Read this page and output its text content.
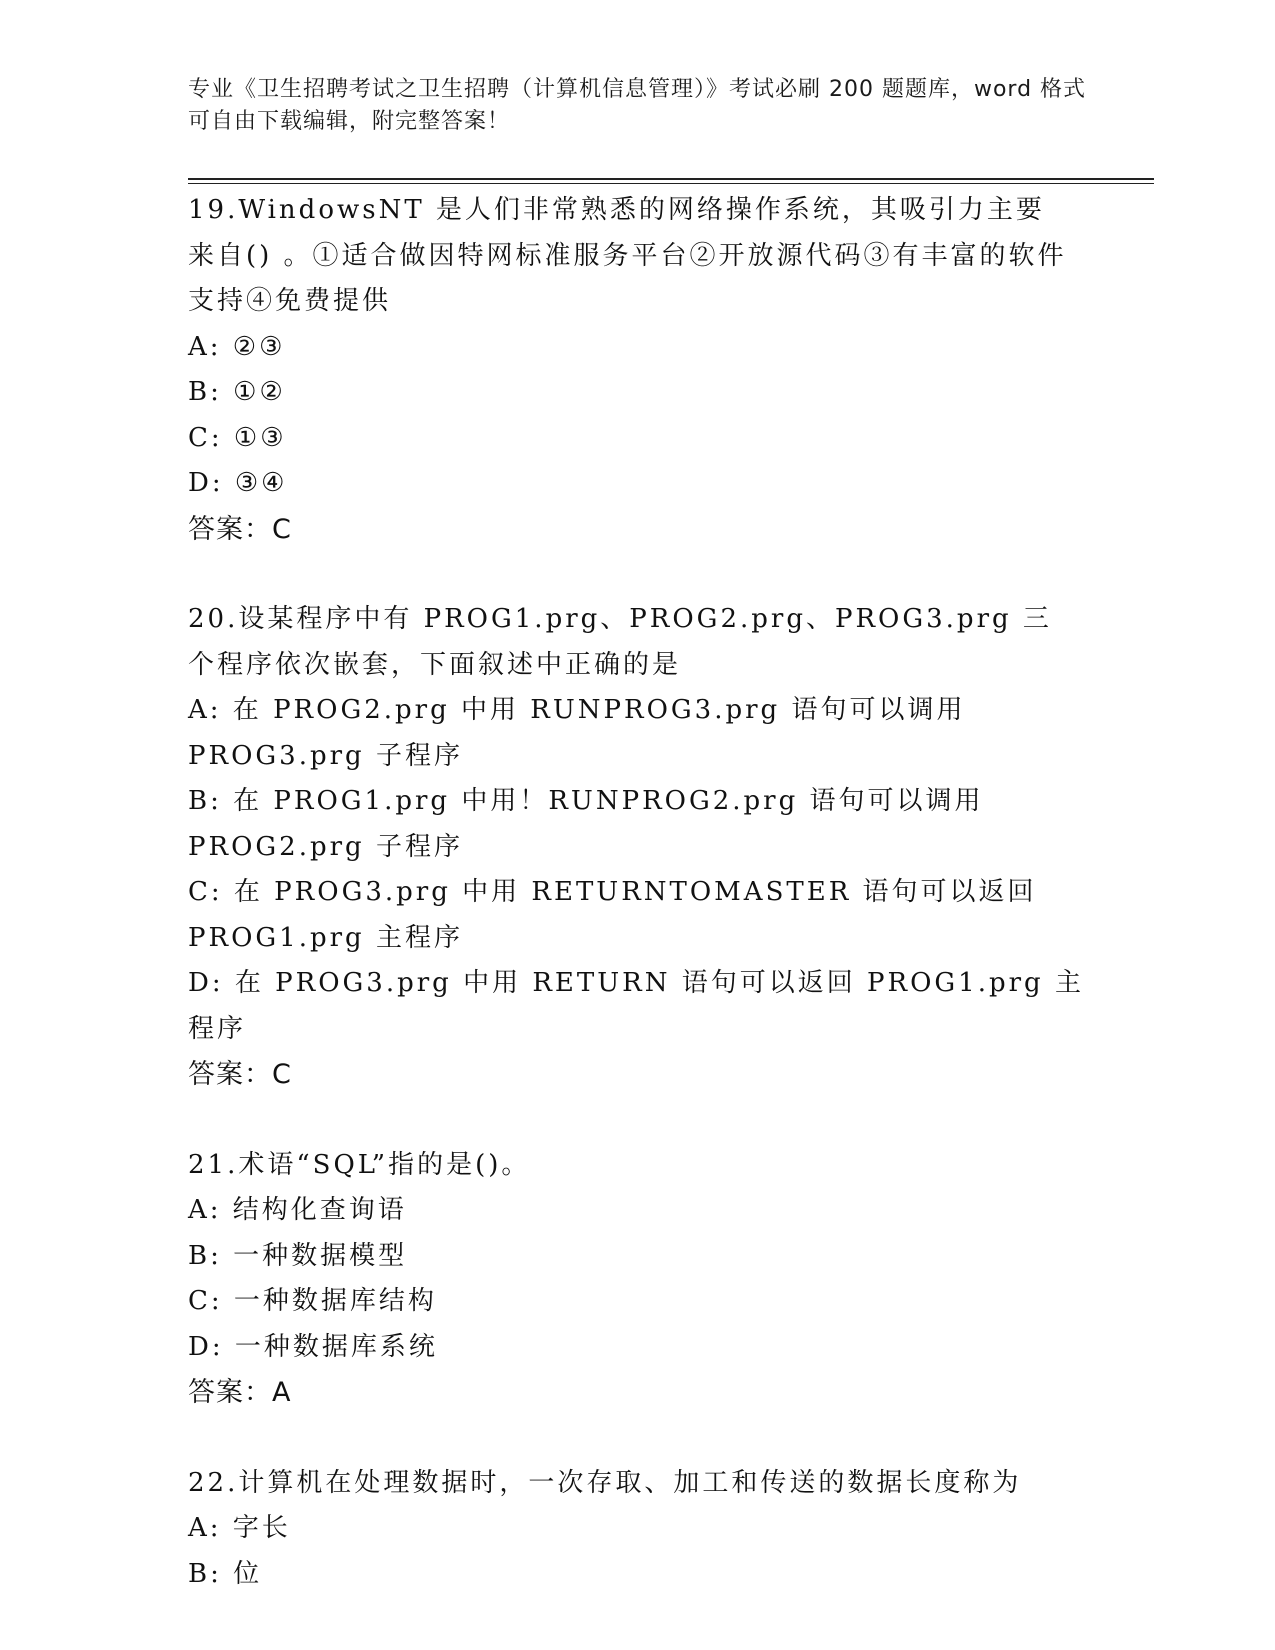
专业《卫生招聘考试之卫生招聘（计算机信息管理）》考试必刷 200 题题库，word 格式可自由下载编辑，附完整答案！
19.WindowsNT 是人们非常熟悉的网络操作系统，其吸引力主要来自() 。①适合做因特网标准服务平台②开放源代码③有丰富的软件支持④免费提供
A: ②③
B: ①②
C: ①③
D: ③④
答案：C
20.设某程序中有 PROG1.prg、PROG2.prg、PROG3.prg 三个程序依次嵌套，下面叙述中正确的是
A: 在 PROG2.prg 中用 RUNPROG3.prg 语句可以调用 PROG3.prg 子程序
B: 在 PROG1.prg 中用！RUNPROG2.prg 语句可以调用 PROG2.prg 子程序
C: 在 PROG3.prg 中用 RETURNTOMASTER 语句可以返回 PROG1.prg 主程序
D: 在 PROG3.prg 中用 RETURN 语句可以返回 PROG1.prg 主程序
答案：C
21.术语“SQL”指的是()。
A: 结构化查询语
B: 一种数据模型
C: 一种数据库结构
D: 一种数据库系统
答案：A
22.计算机在处理数据时，一次存取、加工和传送的数据长度称为
A: 字长
B: 位
